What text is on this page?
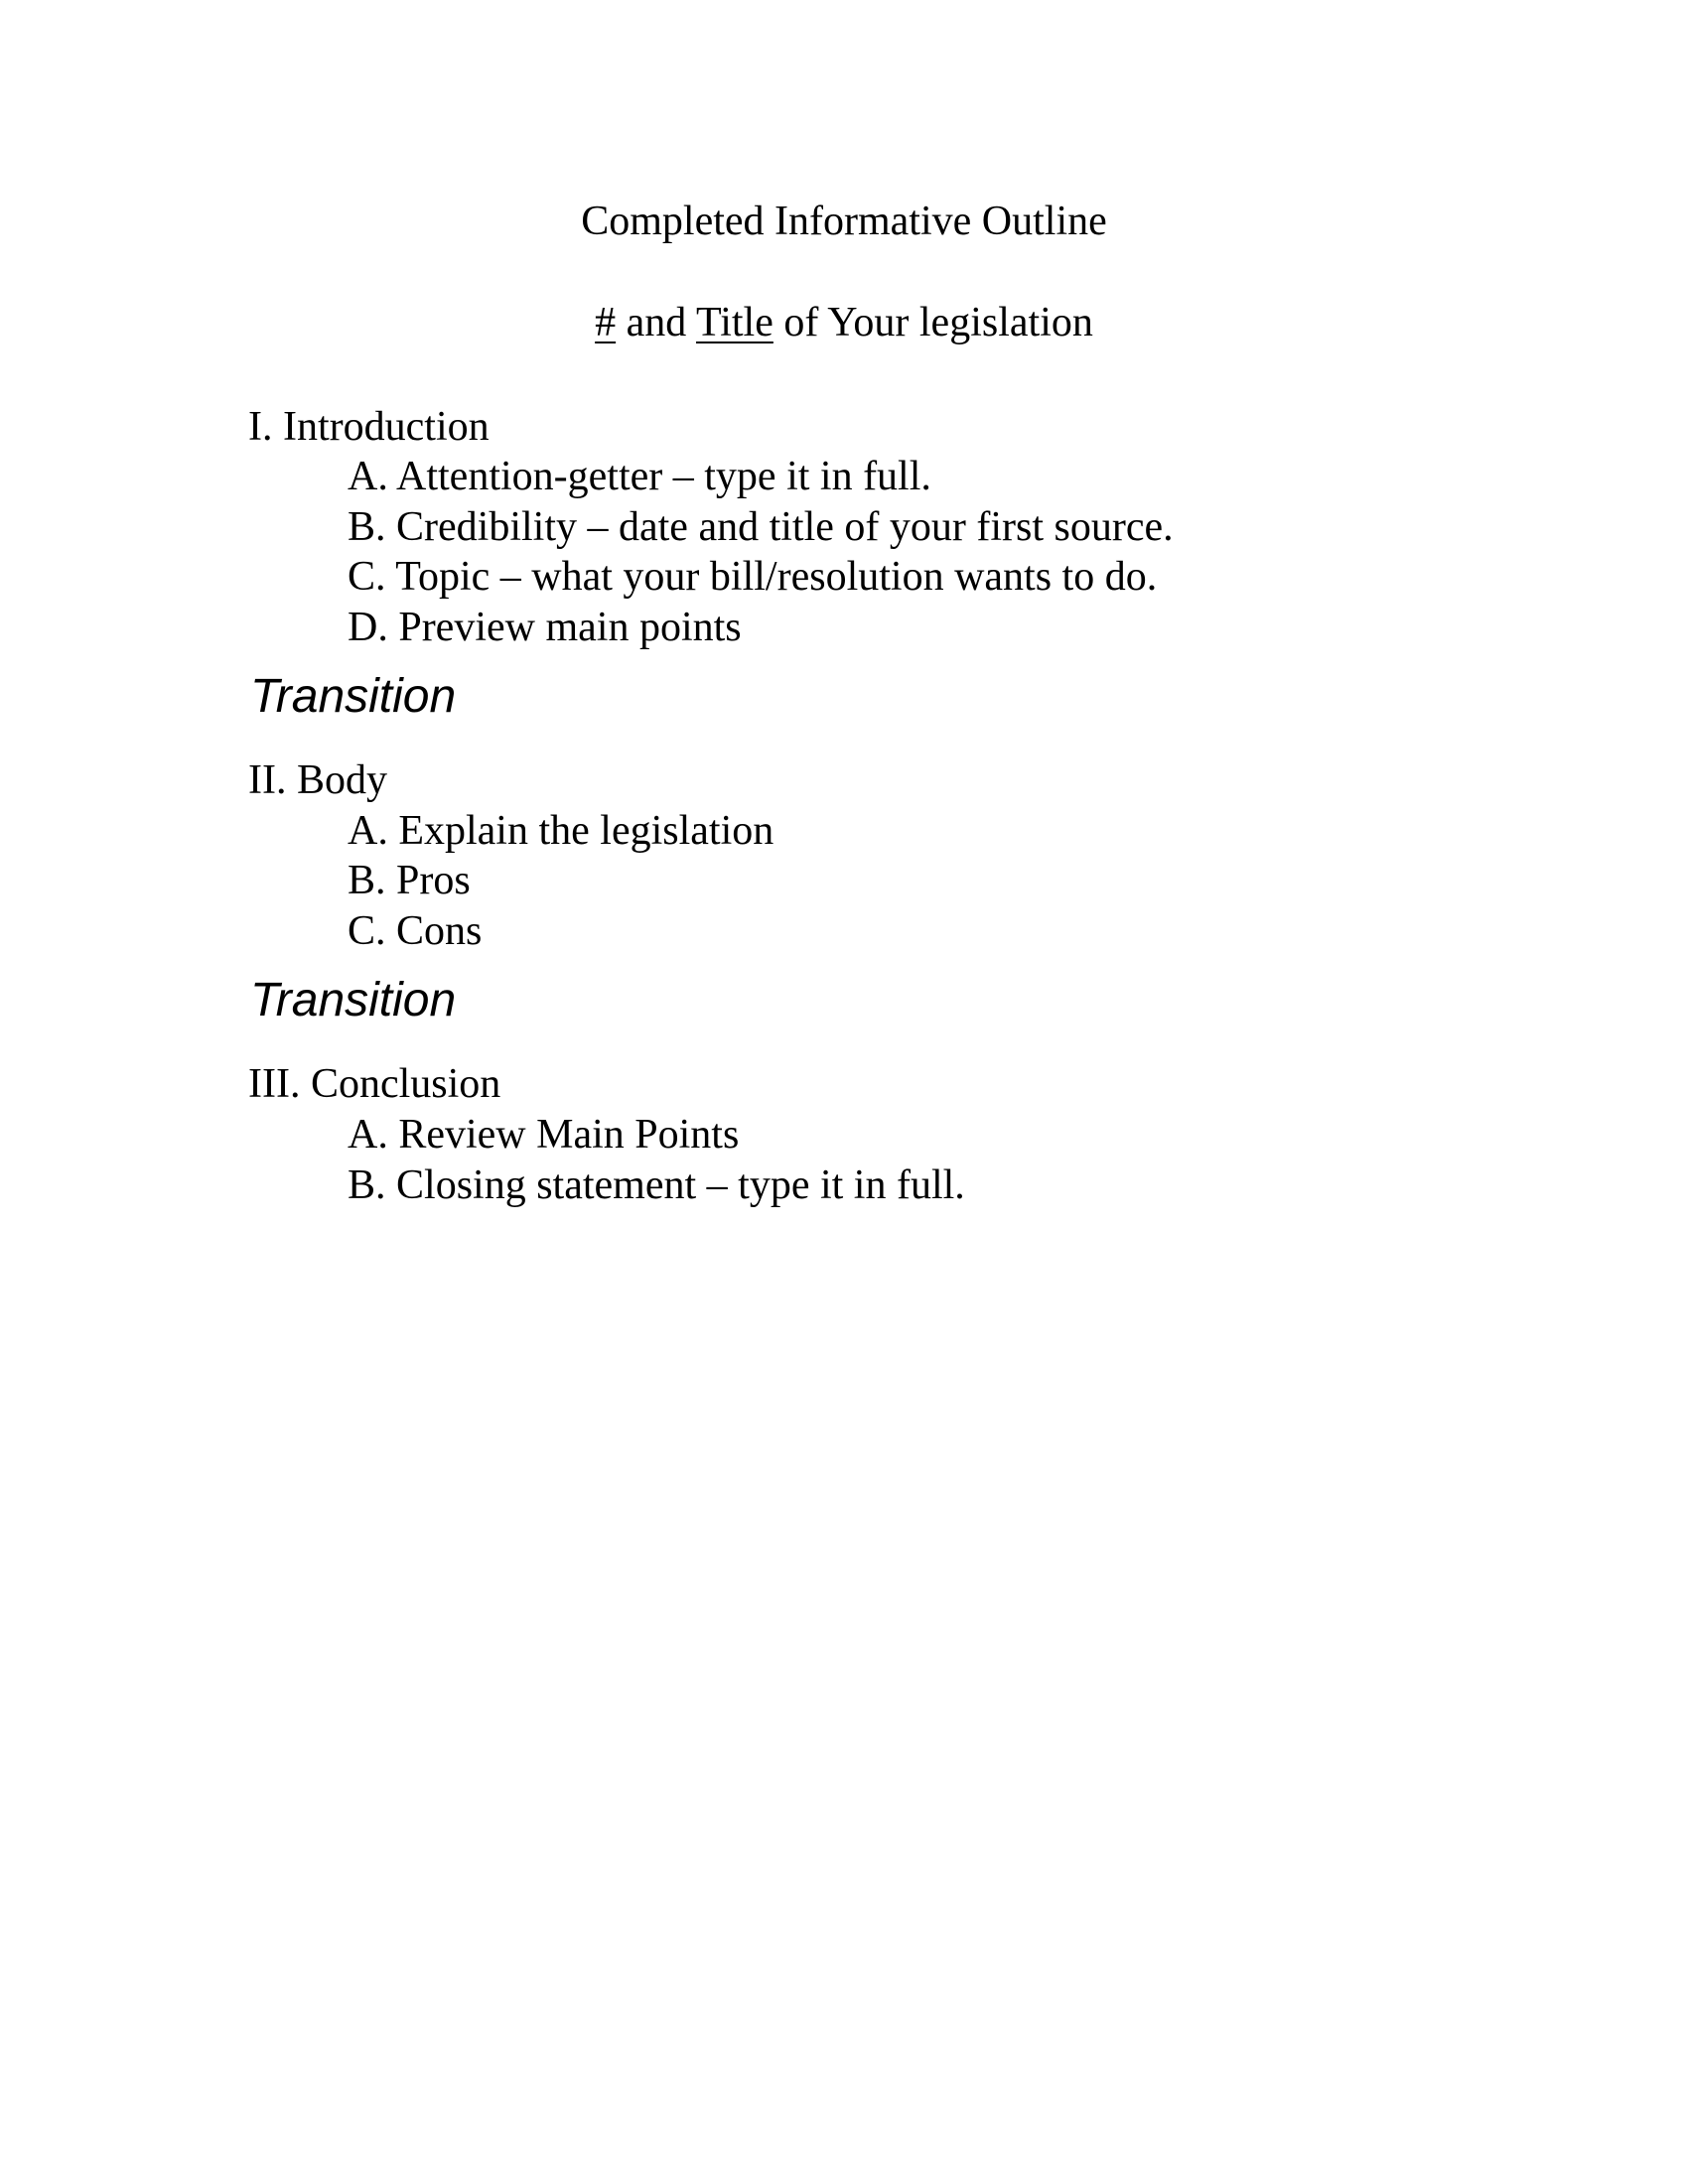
Completed Informative Outline
# and Title of Your legislation

I. Introduction

A. Attention-getter – type it in full.

B. Credibility – date and title of your first source.

C. Topic – what your bill/resolution wants to do.

D. Preview main points

Transition

II. Body

A. Explain the legislation

B. Pros

C. Cons

Transition

III. Conclusion

A. Review Main Points

B. Closing statement – type it in full.
